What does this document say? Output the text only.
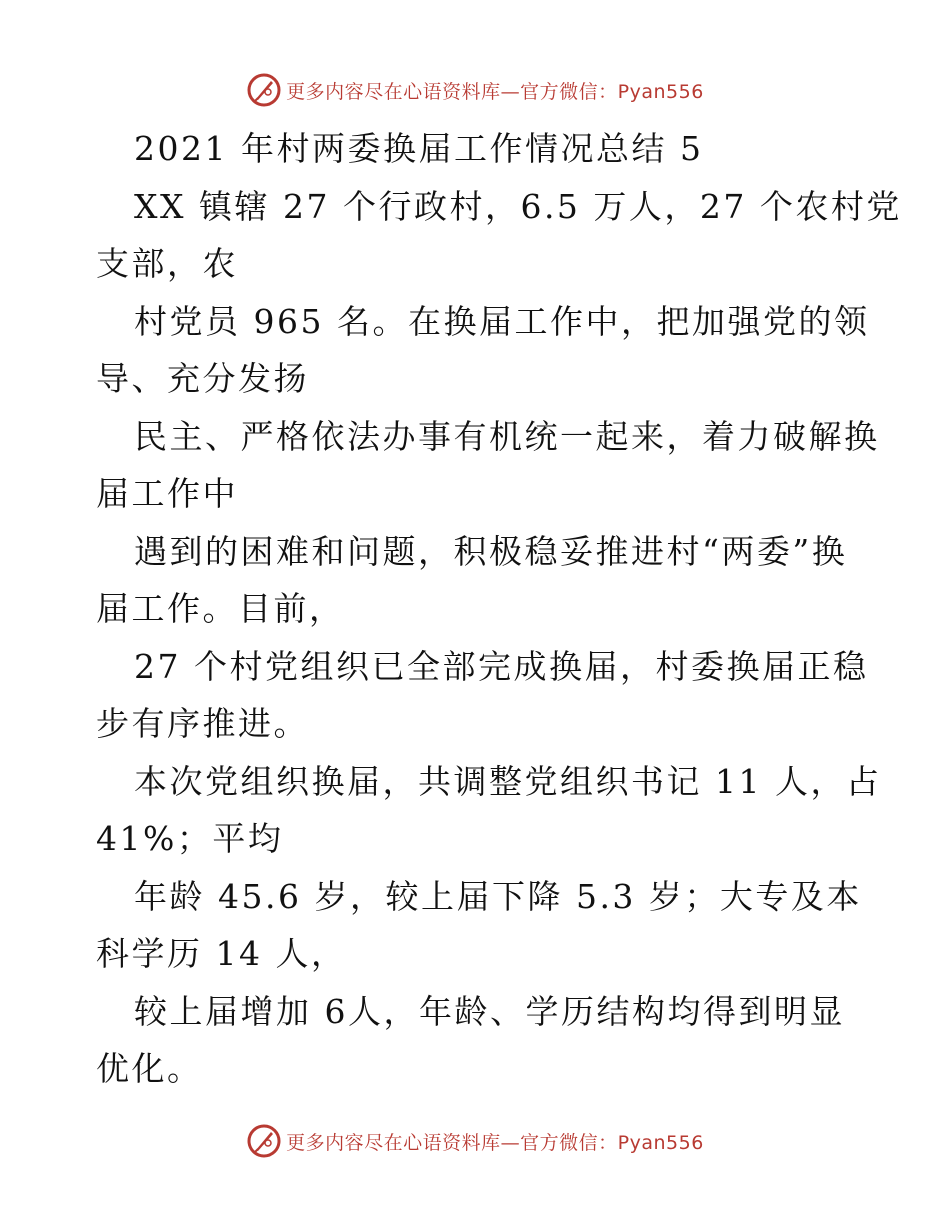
更多内容尽在心语资料库—官方微信：Pyan556
2021 年村两委换届工作情况总结 5
XX 镇辖 27 个行政村，6.5 万人，27 个农村党
支部，农
村党员 965 名。在换届工作中，把加强党的领
导、充分发扬
民主、严格依法办事有机统一起来，着力破解换
届工作中
遇到的困难和问题，积极稳妥推进村“两委”换
届工作。目前，
27 个村党组织已全部完成换届，村委换届正稳
步有序推进。
本次党组织换届，共调整党组织书记 11 人，占
41%；平均
年龄 45.6 岁，较上届下降 5.3 岁；大专及本
科学历 14 人，
较上届增加 6人，年龄、学历结构均得到明显
优化。
更多内容尽在心语资料库—官方微信：Pyan556
